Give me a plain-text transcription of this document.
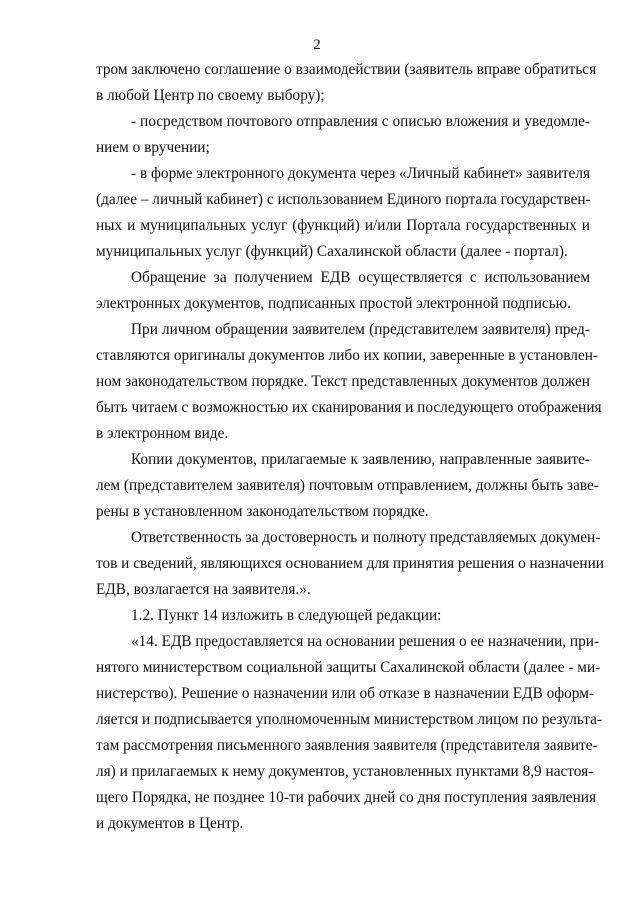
2
тром заключено соглашение о взаимодействии (заявитель вправе обратиться
в любой Центр по своему выбору);
- посредством почтового отправления с описью вложения и уведомле-
нием о вручении;
- в форме электронного документа через «Личный кабинет» заявителя
(далее – личный кабинет) с использованием Единого портала государствен-
ных и муниципальных услуг (функций) и/или Портала государственных и
муниципальных услуг (функций) Сахалинской области (далее - портал).
Обращение за получением ЕДВ осуществляется с использованием
электронных документов, подписанных простой электронной подписью.
При личном обращении заявителем (представителем заявителя) пред-
ставляются оригиналы документов либо их копии, заверенные в установлен-
ном законодательством порядке. Текст представленных документов должен
быть читаем с возможностью их сканирования и последующего отображения
в электронном виде.
Копии документов, прилагаемые к заявлению, направленные заявите-
лем (представителем заявителя) почтовым отправлением, должны быть заве-
рены в установленном законодательством порядке.
Ответственность за достоверность и полноту представляемых докумен-
тов и сведений, являющихся основанием для принятия решения о назначении
ЕДВ, возлагается на заявителя.».
1.2. Пункт 14 изложить в следующей редакции:
«14. ЕДВ предоставляется на основании решения о ее назначении, при-
нятого министерством социальной защиты Сахалинской области (далее - ми-
нистерство). Решение о назначении или об отказе в назначении ЕДВ оформ-
ляется и подписывается уполномоченным министерством лицом по результа-
там рассмотрения письменного заявления заявителя (представителя заявите-
ля) и прилагаемых к нему документов, установленных пунктами 8,9 настоя-
щего Порядка, не позднее 10-ти рабочих дней со дня поступления заявления
и документов в Центр.
